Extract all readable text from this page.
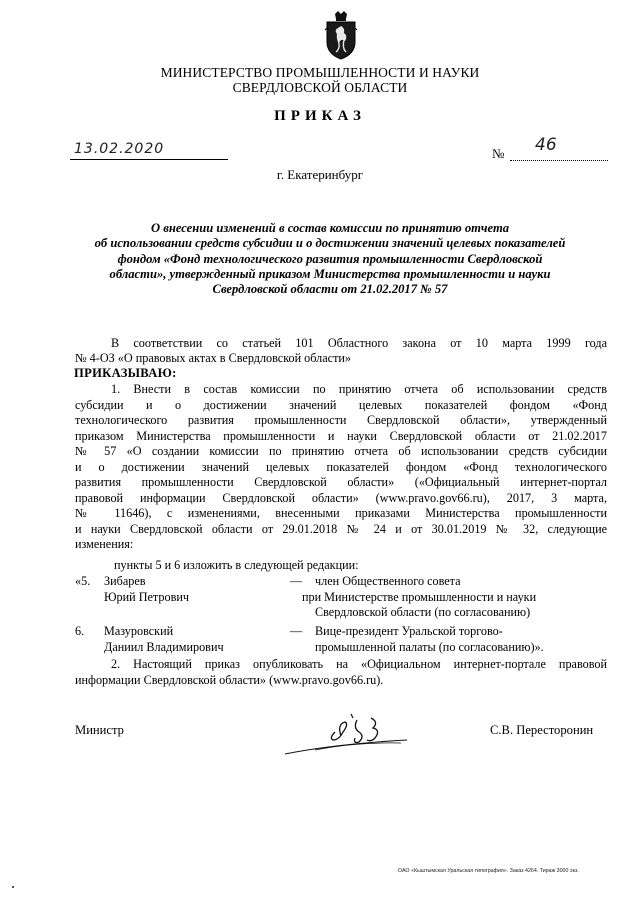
МИНИСТЕРСТВО ПРОМЫШЛЕННОСТИ И НАУКИ
СВЕРДЛОВСКОЙ ОБЛАСТИ
ПРИКАЗ
13.02.2020	№ 46
г. Екатеринбург
О внесении изменений в состав комиссии по принятию отчета
об использовании средств субсидии и о достижении значений целевых показателей
фондом «Фонд технологического развития промышленности Свердловской
области», утвержденный приказом Министерства промышленности и науки
Свердловской области от 21.02.2017 № 57
В соответствии со статьей 101 Областного закона от 10 марта 1999 года
№ 4-ОЗ «О правовых актах в Свердловской области»
ПРИКАЗЫВАЮ:
1. Внести в состав комиссии по принятию отчета об использовании средств
субсидии и о достижении значений целевых показателей фондом «Фонд
технологического развития промышленности Свердловской области», утвержденный
приказом Министерства промышленности и науки Свердловской области от 21.02.2017
№ 57 «О создании комиссии по принятию отчета об использовании средств субсидии
и о достижении значений целевых показателей фондом «Фонд технологического
развития промышленности Свердловской области» («Официальный интернет-портал
правовой информации Свердловской области» (www.pravo.gov66.ru), 2017, 3 марта,
№ 11646), с изменениями, внесенными приказами Министерства промышленности
и науки Свердловской области от 29.01.2018 № 24 и от 30.01.2019 № 32, следующие
изменения:
пункты 5 и 6 изложить в следующей редакции:
«5. Зибарев
Юрий Петрович
— член Общественного совета
при Министерстве промышленности и науки
Свердловской области (по согласованию)
6. Мазуровский
Даниил Владимирович
— Вице-президент Уральской торгово-
промышленной палаты (по согласованию)».
2. Настоящий приказ опубликовать на «Официальном интернет-портале правовой
информации Свердловской области» (www.pravo.gov66.ru).
Министр	С.В. Пересторонин
ОАО «Кыштымская Уральская типография». Заказ 4264. Тираж 3000 экз.
